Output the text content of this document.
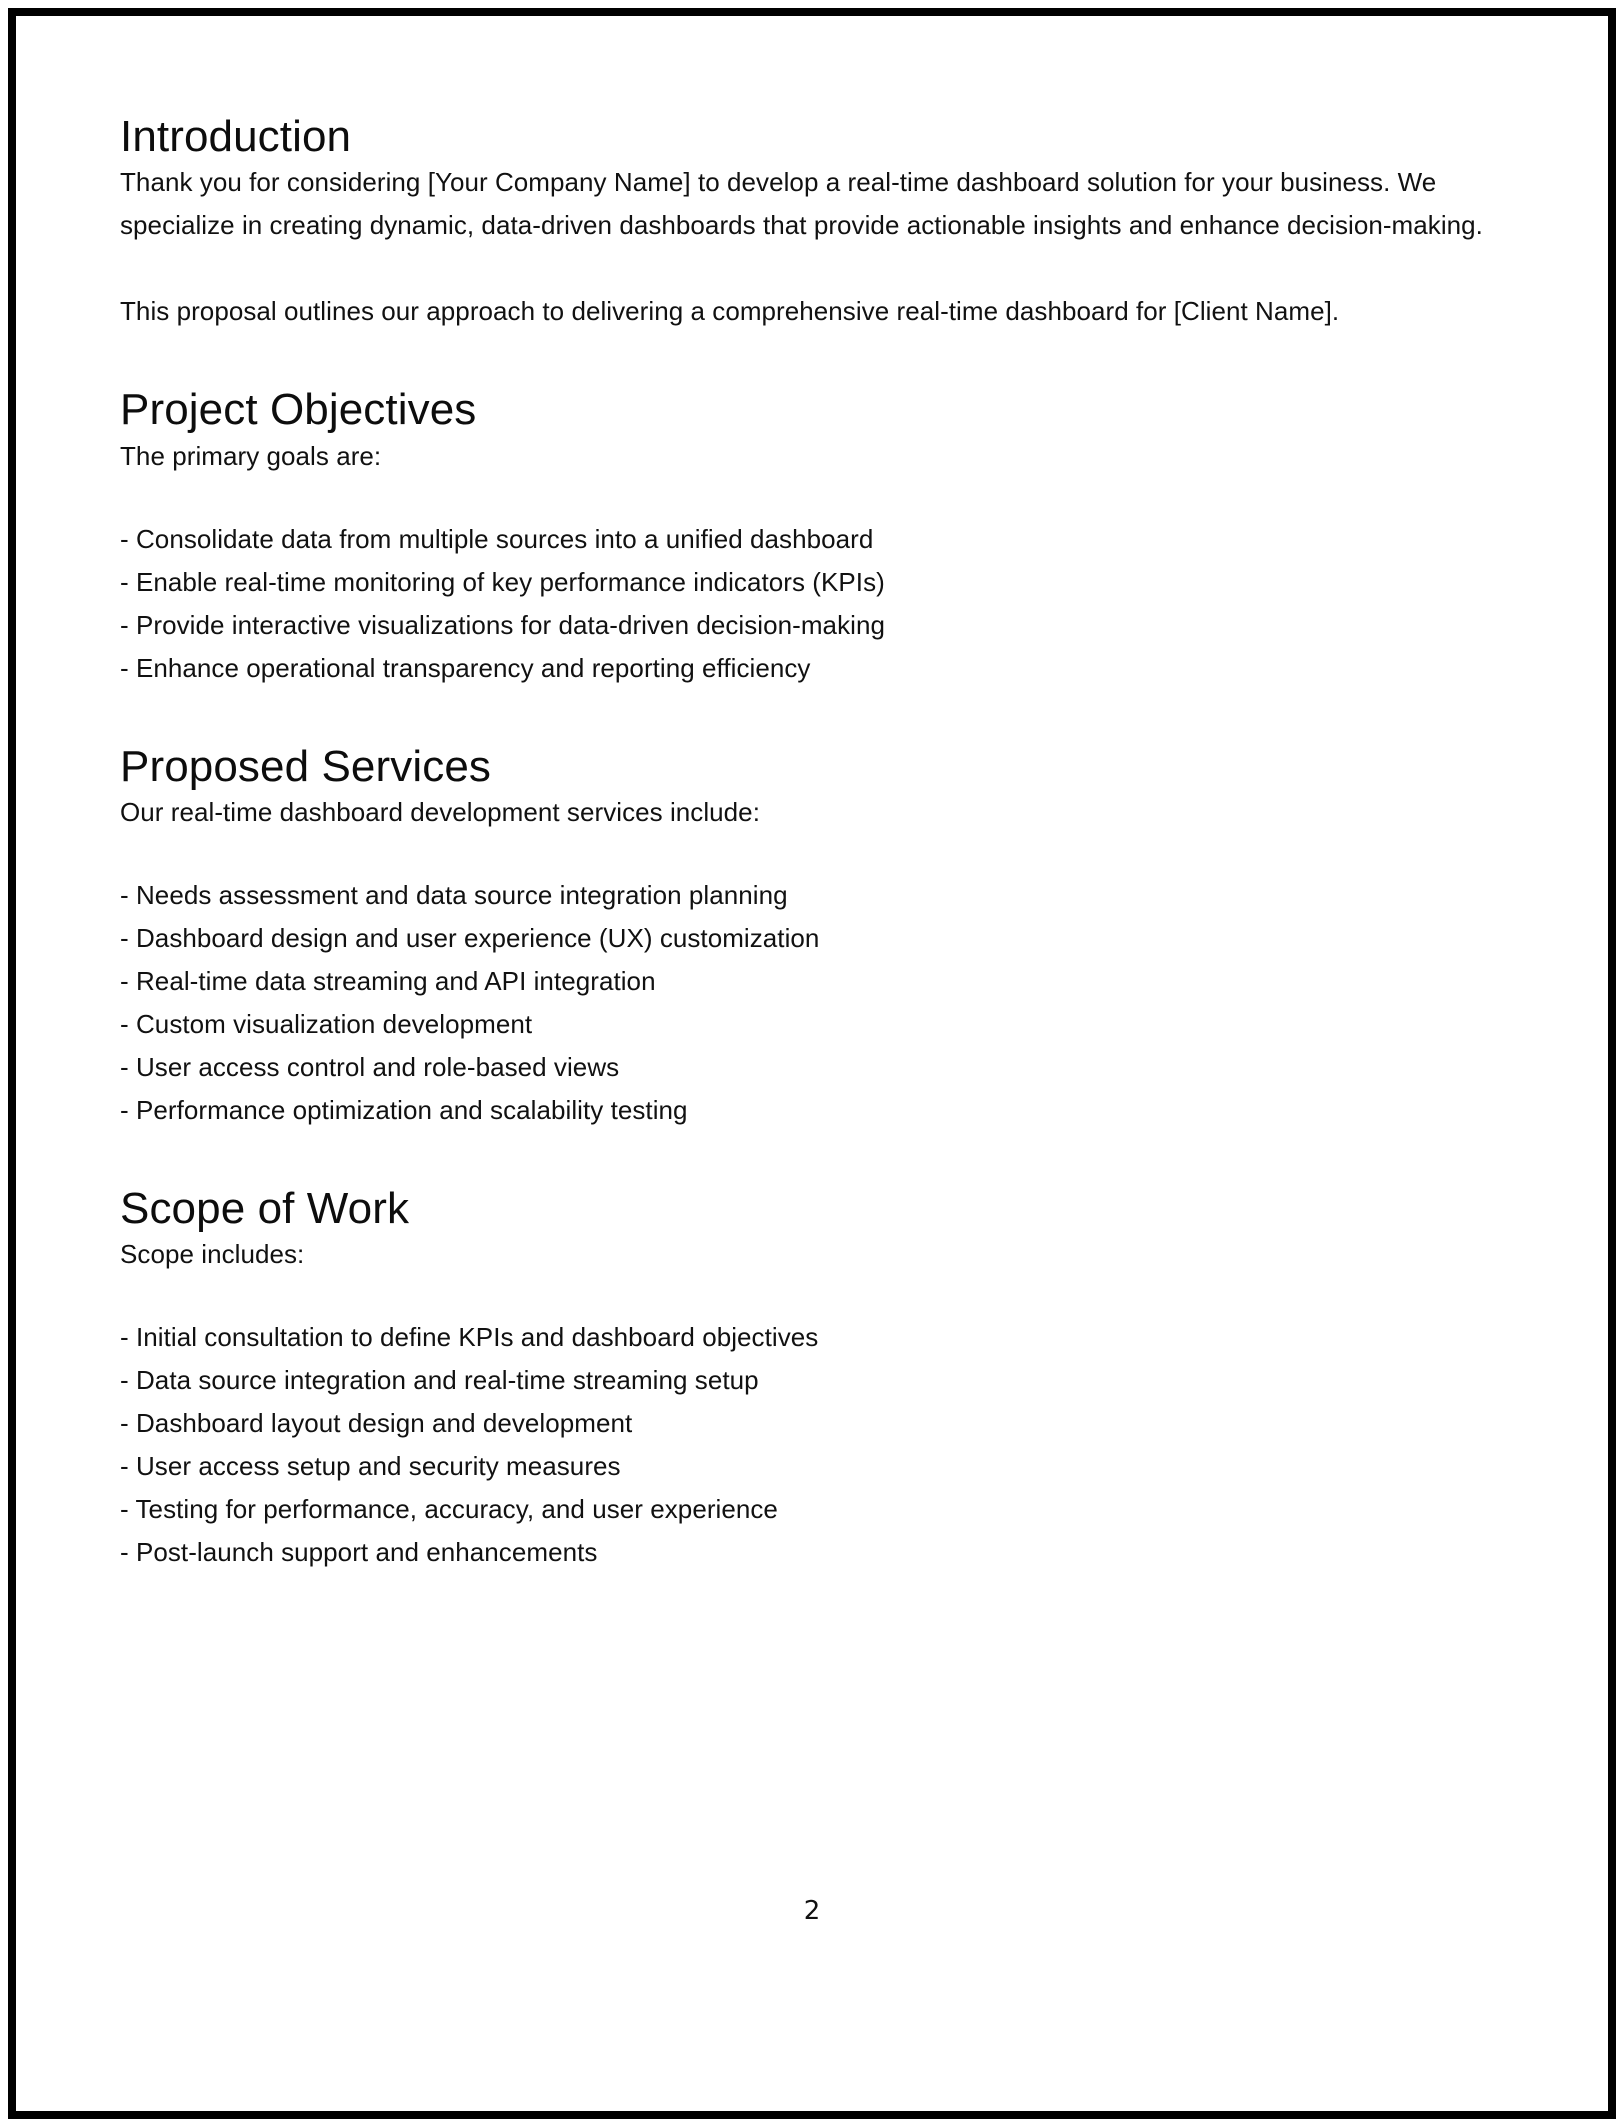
Introduction

Thank you for considering [Your Company Name] to develop a real-time dashboard solution for your business. We specialize in creating dynamic, data-driven dashboards that provide actionable insights and enhance decision-making.

This proposal outlines our approach to delivering a comprehensive real-time dashboard for [Client Name].

Project Objectives

The primary goals are:

- Consolidate data from multiple sources into a unified dashboard
- Enable real-time monitoring of key performance indicators (KPIs)
- Provide interactive visualizations for data-driven decision-making
- Enhance operational transparency and reporting efficiency
Proposed Services

Our real-time dashboard development services include:

- Needs assessment and data source integration planning
- Dashboard design and user experience (UX) customization
- Real-time data streaming and API integration
- Custom visualization development
- User access control and role-based views
- Performance optimization and scalability testing
Scope of Work

Scope includes:

- Initial consultation to define KPIs and dashboard objectives
- Data source integration and real-time streaming setup
- Dashboard layout design and development
- User access setup and security measures
- Testing for performance, accuracy, and user experience
- Post-launch support and enhancements
2
